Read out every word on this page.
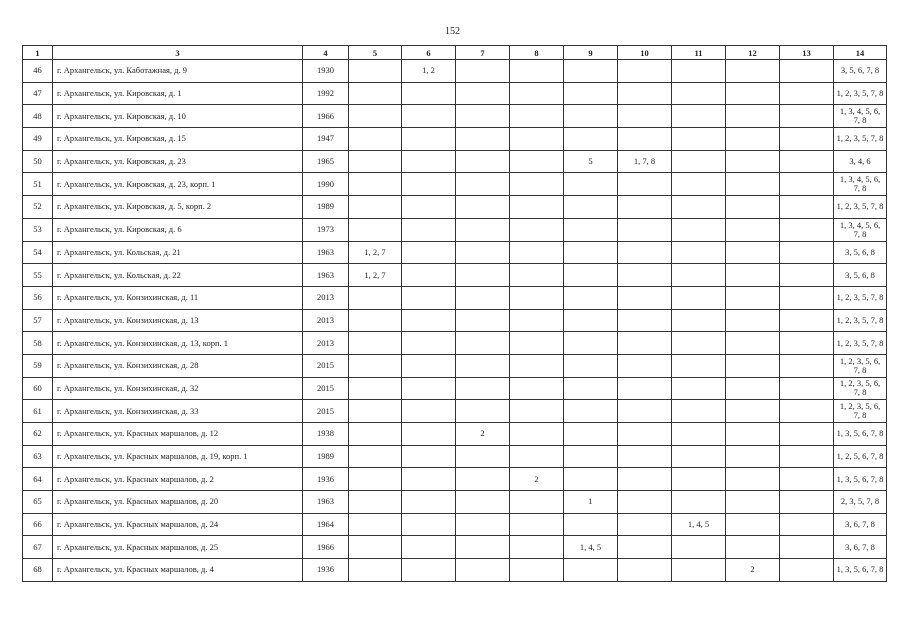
152
1	3	4	5	6	7	8	9	10	11	12	13	14
46	г. Архангельск, ул. Каботажная, д. 9	1930		1, 2								3, 5, 6, 7, 8
47	г. Архангельск, ул. Кировская, д. 1	1992										1, 2, 3, 5, 7, 8
48	г. Архангельск, ул. Кировская, д. 10	1966										1, 3, 4, 5, 6, 7, 8
49	г. Архангельск, ул. Кировская, д. 15	1947										1, 2, 3, 5, 7, 8
50	г. Архангельск, ул. Кировская, д. 23	1965					5	1, 7, 8				3, 4, 6
51	г. Архангельск, ул. Кировская, д. 23, корп. 1	1990										1, 3, 4, 5, 6, 7, 8
52	г. Архангельск, ул. Кировская, д. 5, корп. 2	1989										1, 2, 3, 5, 7, 8
53	г. Архангельск, ул. Кировская, д. 6	1973										1, 3, 4, 5, 6, 7, 8
54	г. Архангельск, ул. Кольская, д. 21	1963	1, 2, 7									3, 5, 6, 8
55	г. Архангельск, ул. Кольская, д. 22	1963	1, 2, 7									3, 5, 6, 8
56	г. Архангельск, ул. Конзихинская, д. 11	2013										1, 2, 3, 5, 7, 8
57	г. Архангельск, ул. Конзихинская, д. 13	2013										1, 2, 3, 5, 7, 8
58	г. Архангельск, ул. Конзихинская, д. 13, корп. 1	2013										1, 2, 3, 5, 7, 8
59	г. Архангельск, ул. Конзихинская, д. 28	2015										1, 2, 3, 5, 6, 7, 8
60	г. Архангельск, ул. Конзихинская, д. 32	2015										1, 2, 3, 5, 6, 7, 8
61	г. Архангельск, ул. Конзихинская, д. 33	2015										1, 2, 3, 5, 6, 7, 8
62	г. Архангельск, ул. Красных маршалов, д. 12	1938			2							1, 3, 5, 6, 7, 8
63	г. Архангельск, ул. Красных маршалов, д. 19, корп. 1	1989										1, 2, 5, 6, 7, 8
64	г. Архангельск, ул. Красных маршалов, д. 2	1936				2						1, 3, 5, 6, 7, 8
65	г. Архангельск, ул. Красных маршалов, д. 20	1963					1					2, 3, 5, 7, 8
66	г. Архангельск, ул. Красных маршалов, д. 24	1964							1, 4, 5			3, 6, 7, 8
67	г. Архангельск, ул. Красных маршалов, д. 25	1966					1, 4, 5					3, 6, 7, 8
68	г. Архангельск, ул. Красных маршалов, д. 4	1936								2		1, 3, 5, 6, 7, 8
